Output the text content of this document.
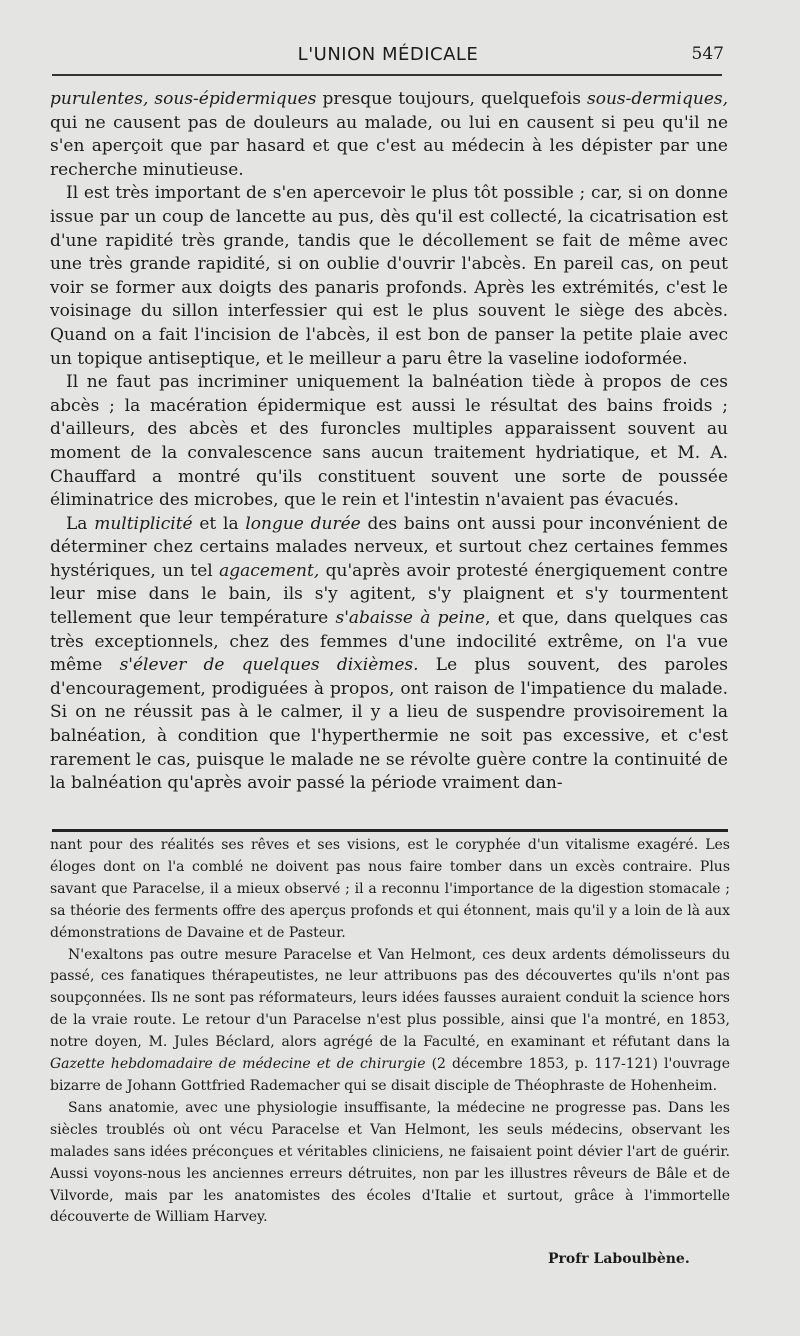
L'UNION MÉDICALE	547

purulentes, sous-épidermiques presque toujours, quelquefois sous-dermiques, qui ne causent pas de douleurs au malade, ou lui en causent si peu qu'il ne s'en aperçoit que par hasard et que c'est au médecin à les dépister par une recherche minutieuse.

Il est très important de s'en apercevoir le plus tôt possible ; car, si on donne issue par un coup de lancette au pus, dès qu'il est collecté, la cicatrisation est d'une rapidité très grande, tandis que le décollement se fait de même avec une très grande rapidité, si on oublie d'ouvrir l'abcès. En pareil cas, on peut voir se former aux doigts des panaris profonds. Après les extrémités, c'est le voisinage du sillon interfessier qui est le plus souvent le siège des abcès. Quand on a fait l'incision de l'abcès, il est bon de panser la petite plaie avec un topique antiseptique, et le meilleur a paru être la vaseline iodoformée.

Il ne faut pas incriminer uniquement la balnéation tiède à propos de ces abcès ; la macération épidermique est aussi le résultat des bains froids ; d'ailleurs, des abcès et des furoncles multiples apparaissent souvent au moment de la convalescence sans aucun traitement hydriatique, et M. A. Chauffard a montré qu'ils constituent souvent une sorte de poussée éliminatrice des microbes, que le rein et l'intestin n'avaient pas évacués.

La multiplicité et la longue durée des bains ont aussi pour inconvénient de déterminer chez certains malades nerveux, et surtout chez certaines femmes hystériques, un tel agacement, qu'après avoir protesté énergiquement contre leur mise dans le bain, ils s'y agitent, s'y plaignent et s'y tourmentent tellement que leur température s'abaisse à peine, et que, dans quelques cas très exceptionnels, chez des femmes d'une indocilité extrême, on l'a vue même s'élever de quelques dixièmes. Le plus souvent, des paroles d'encouragement, prodiguées à propos, ont raison de l'impatience du malade. Si on ne réussit pas à le calmer, il y a lieu de suspendre provisoirement la balnéation, à condition que l'hyperthermie ne soit pas excessive, et c'est rarement le cas, puisque le malade ne se révolte guère contre la continuité de la balnéation qu'après avoir passé la période vraiment dan-

nant pour des réalités ses rêves et ses visions, est le coryphée d'un vitalisme exagéré. Les éloges dont on l'a comblé ne doivent pas nous faire tomber dans un excès contraire. Plus savant que Paracelse, il a mieux observé ; il a reconnu l'importance de la digestion stomacale ; sa théorie des ferments offre des aperçus profonds et qui étonnent, mais qu'il y a loin de là aux démonstrations de Davaine et de Pasteur.

N'exaltons pas outre mesure Paracelse et Van Helmont, ces deux ardents démolisseurs du passé, ces fanatiques thérapeutistes, ne leur attribuons pas des découvertes qu'ils n'ont pas soupçonnées. Ils ne sont pas réformateurs, leurs idées fausses auraient conduit la science hors de la vraie route. Le retour d'un Paracelse n'est plus possible, ainsi que l'a montré, en 1853, notre doyen, M. Jules Béclard, alors agrégé de la Faculté, en examinant et réfutant dans la Gazette hebdomadaire de médecine et de chirurgie (2 décembre 1853, p. 117-121) l'ouvrage bizarre de Johann Gottfried Rademacher qui se disait disciple de Théophraste de Hohenheim.

Sans anatomie, avec une physiologie insuffisante, la médecine ne progresse pas. Dans les siècles troublés où ont vécu Paracelse et Van Helmont, les seuls médecins, observant les malades sans idées préconçues et véritables cliniciens, ne faisaient point dévier l'art de guérir. Aussi voyons-nous les anciennes erreurs détruites, non par les illustres rêveurs de Bâle et de Vilvorde, mais par les anatomistes des écoles d'Italie et surtout, grâce à l'immortelle découverte de William Harvey.

Profr Laboulbène.
